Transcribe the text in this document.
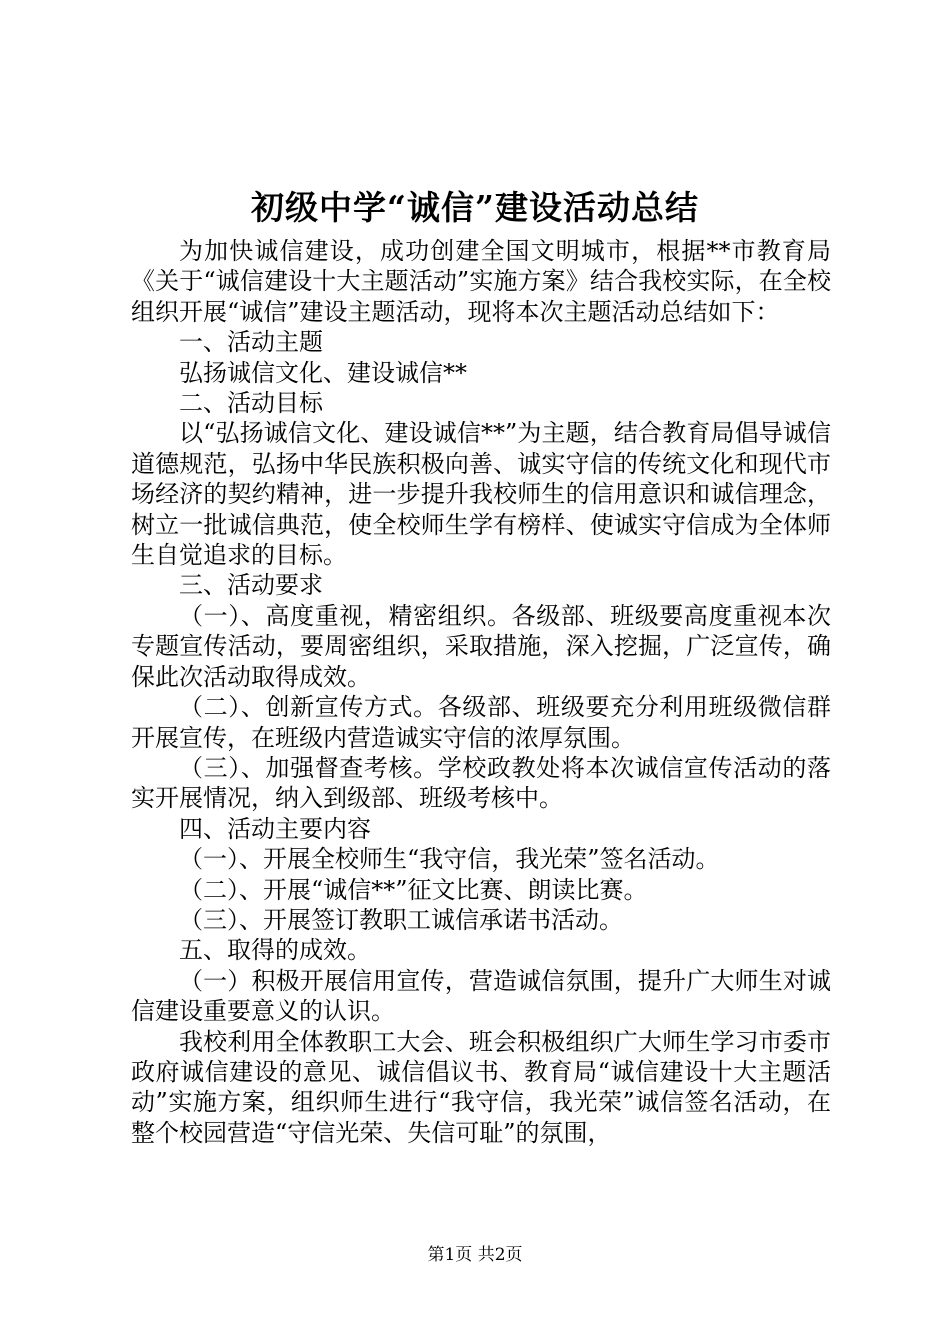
初级中学“诚信”建设活动总结

为加快诚信建设，成功创建全国文明城市，根据**市教育局《关于“诚信建设十大主题活动”实施方案》结合我校实际，在全校组织开展“诚信”建设主题活动，现将本次主题活动总结如下：

一、活动主题

弘扬诚信文化、建设诚信**

二、活动目标

以“弘扬诚信文化、建设诚信**”为主题，结合教育局倡导诚信道德规范，弘扬中华民族积极向善、诚实守信的传统文化和现代市场经济的契约精神，进一步提升我校师生的信用意识和诚信理念，树立一批诚信典范，使全校师生学有榜样、使诚实守信成为全体师生自觉追求的目标。

三、活动要求

（一）、高度重视，精密组织。各级部、班级要高度重视本次专题宣传活动，要周密组织，采取措施，深入挖掘，广泛宣传，确保此次活动取得成效。

（二）、创新宣传方式。各级部、班级要充分利用班级微信群开展宣传，在班级内营造诚实守信的浓厚氛围。

（三）、加强督查考核。学校政教处将本次诚信宣传活动的落实开展情况，纳入到级部、班级考核中。

四、活动主要内容

（一）、开展全校师生“我守信，我光荣”签名活动。

（二）、开展“诚信**”征文比赛、朗读比赛。

（三）、开展签订教职工诚信承诺书活动。

五、取得的成效。

（一）积极开展信用宣传，营造诚信氛围，提升广大师生对诚信建设重要意义的认识。

我校利用全体教职工大会、班会积极组织广大师生学习市委市政府诚信建设的意见、诚信倡议书、教育局“诚信建设十大主题活动”实施方案，组织师生进行“我守信，我光荣”诚信签名活动，在整个校园营造“守信光荣、失信可耻”的氛围，

第1页 共2页
